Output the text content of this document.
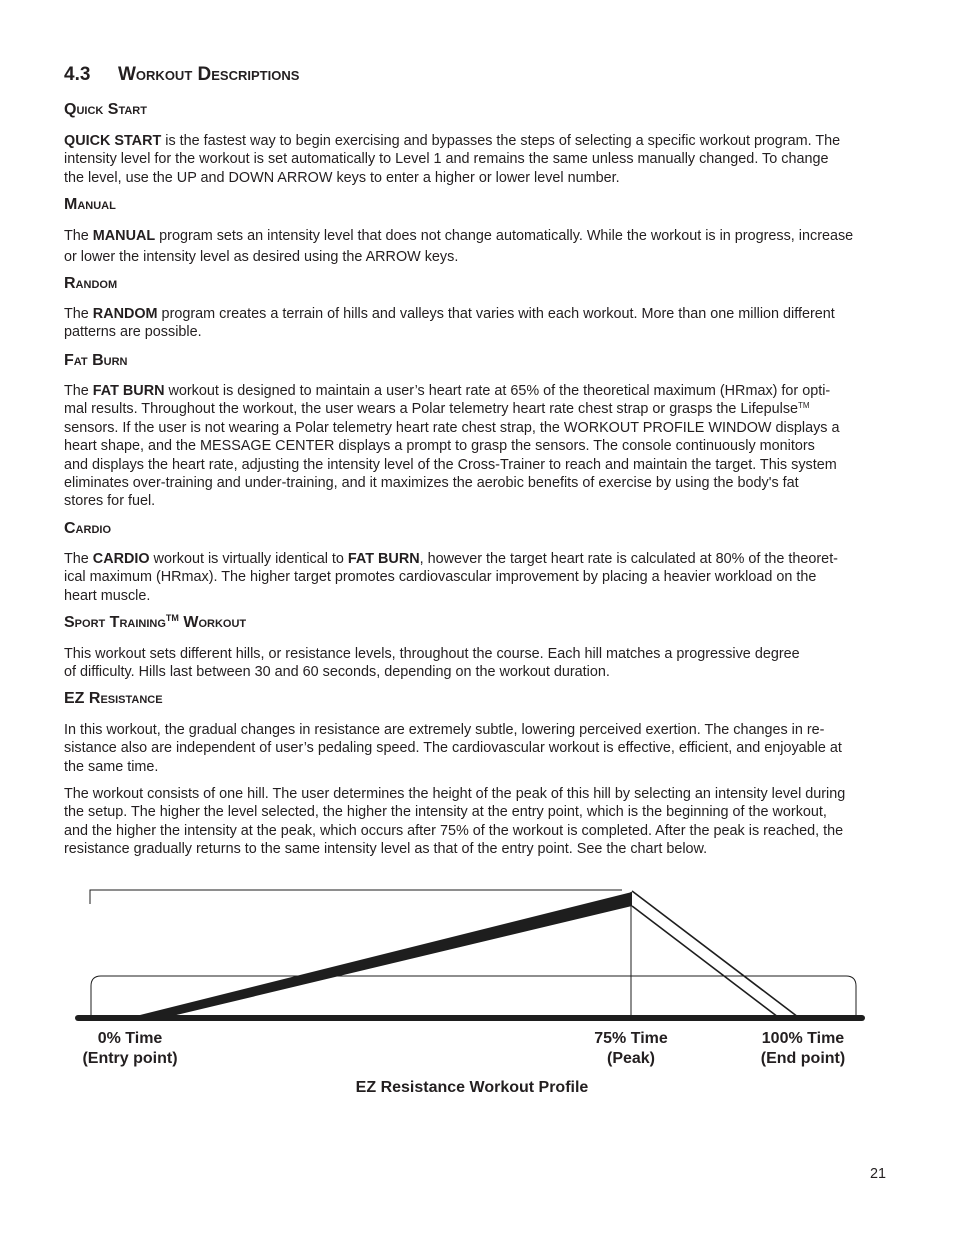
4.3 Workout Descriptions
Quick Start

QUICK START is the fastest way to begin exercising and bypasses the steps of selecting a specific workout program. The
intensity level for the workout is set automatically to Level 1 and remains the same unless manually changed. To change
the level, use the UP and DOWN ARROW keys to enter a higher or lower level number.

Manual

The MANUAL program sets an intensity level that does not change automatically. While the workout is in progress, increase
or lower the intensity level as desired using the ARROW keys.

Random

The RANDOM program creates a terrain of hills and valleys that varies with each workout. More than one million different
patterns are possible.

Fat Burn

The FAT BURN workout is designed to maintain a user’s heart rate at 65% of the theoretical maximum (HRmax) for opti-
mal results. Throughout the workout, the user wears a Polar telemetry heart rate chest strap or grasps the Lifepulse™
sensors. If the user is not wearing a Polar telemetry heart rate chest strap, the WORKOUT PROFILE WINDOW displays a
heart shape, and the MESSAGE CENTER displays a prompt to grasp the sensors. The console continuously monitors
and displays the heart rate, adjusting the intensity level of the Cross-Trainer to reach and maintain the target. This system
eliminates over-training and under-training, and it maximizes the aerobic benefits of exercise by using the body's fat
stores for fuel.

Cardio

The CARDIO workout is virtually identical to FAT BURN, however the target heart rate is calculated at 80% of the theoret-
ical maximum (HRmax). The higher target promotes cardiovascular improvement by placing a heavier workload on the
heart muscle.

Sport Training™ Workout

This workout sets different hills, or resistance levels, throughout the course. Each hill matches a progressive degree
of difficulty. Hills last between 30 and 60 seconds, depending on the workout duration.

EZ Resistance

In this workout, the gradual changes in resistance are extremely subtle, lowering perceived exertion. The changes in re-
sistance also are independent of user’s pedaling speed. The cardiovascular workout is effective, efficient, and enjoyable at
the same time.

The workout consists of one hill. The user determines the height of the peak of this hill by selecting an intensity level during
the setup. The higher the level selected, the higher the intensity at the entry point, which is the beginning of the workout,
and the higher the intensity at the peak, which occurs after 75% of the workout is completed. After the peak is reached, the
resistance gradually returns to the same intensity level as that of the entry point. See the chart below.

0% Time
(Entry point)
75% Time
(Peak)
100% Time
(End point)
EZ Resistance Workout Profile
21
